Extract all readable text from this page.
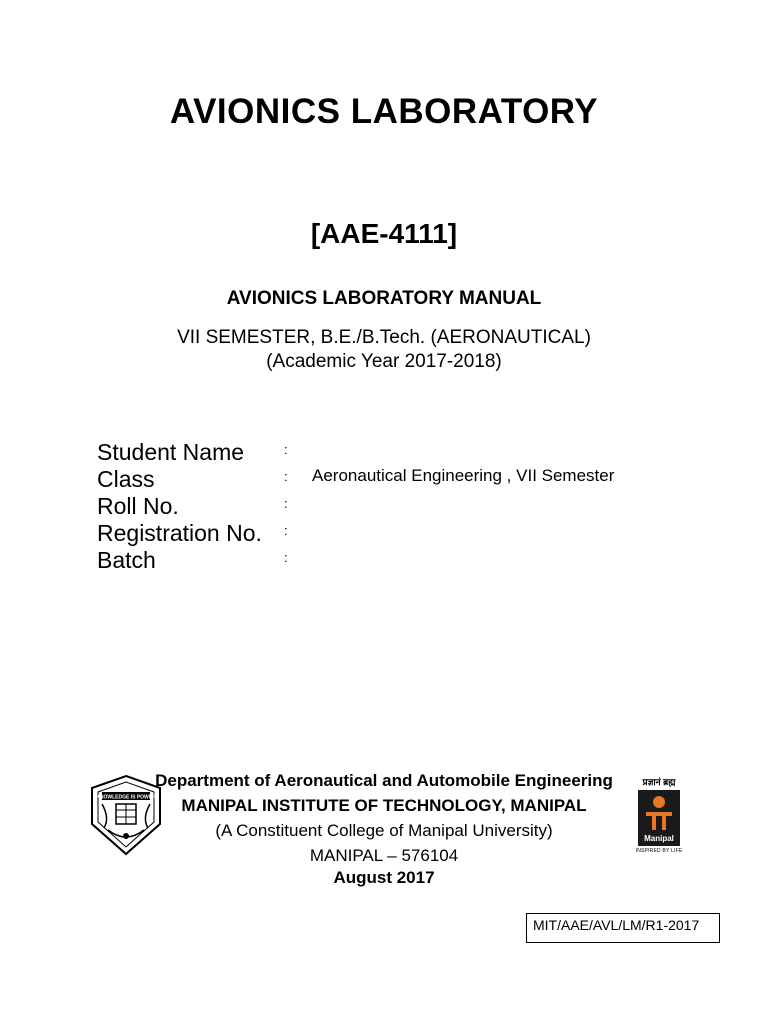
AVIONICS LABORATORY
[AAE-4111]
AVIONICS LABORATORY MANUAL
VII SEMESTER, B.E./B.Tech. (AERONAUTICAL)
(Academic Year 2017-2018)
Student Name	:
Class	: Aeronautical Engineering , VII Semester
Roll No.	:
Registration No. :
Batch	:
KNOWLEDGE IS POWER
Department of Aeronautical and Automobile Engineering
MANIPAL INSTITUTE OF TECHNOLOGY, MANIPAL
(A Constituent College of Manipal University)
MANIPAL – 576104
August 2017
प्रज्ञानं ब्रह्म
Manipal
INSPIRED BY LIFE
MIT/AAE/AVL/LM/R1-2017
